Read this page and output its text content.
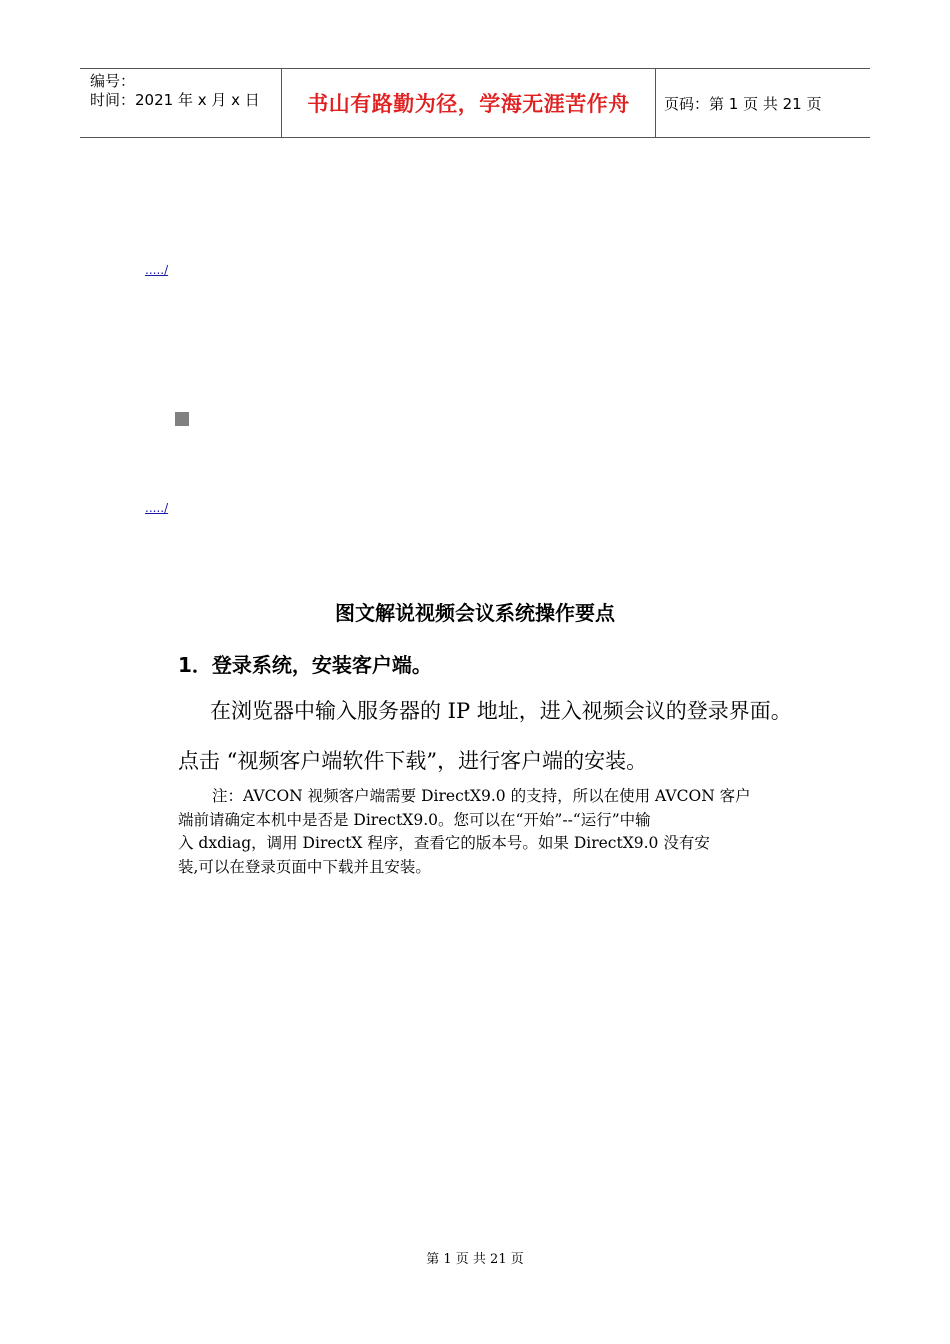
编号：
时间：2021 年 x 月 x 日 书山有路勤为径，学海无涯苦作舟 页码：第 1 页 共 21 页
...../
...../
图文解说视频会议系统操作要点
1．登录系统，安装客户端。
在浏览器中输入服务器的 IP 地址，进入视频会议的登录界面。
点击 “视频客户端软件下载”，进行客户端的安装。
注：AVCON 视频客户端需要 DirectX9.0 的支持，所以在使用 AVCON 客户
端前请确定本机中是否是 DirectX9.0。您可以在“开始”--“运行”中输
入 dxdiag，调用 DirectX 程序，查看它的版本号。如果 DirectX9.0 没有安
装,可以在登录页面中下载并且安装。
第 1 页 共 21 页
